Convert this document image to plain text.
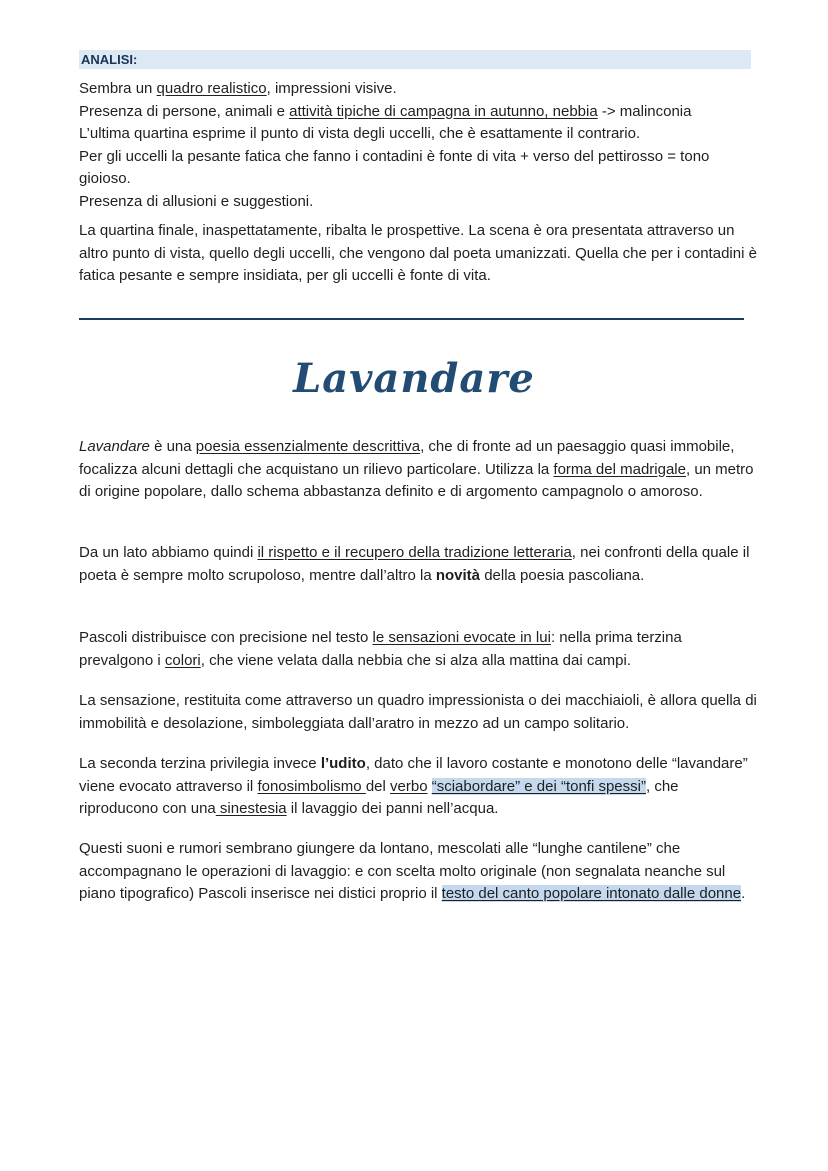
ANALISI:

Sembra un quadro realistico, impressioni visive.

Presenza di persone, animali e attività tipiche di campagna in autunno, nebbia -> malinconia

L’ultima quartina esprime il punto di vista degli uccelli, che è esattamente il contrario.

Per gli uccelli la pesante fatica che fanno i contadini è fonte di vita + verso del pettirosso = tono gioioso.

Presenza di allusioni e suggestioni.

La quartina finale, inaspettatamente, ribalta le prospettive. La scena è ora presentata attraverso un altro punto di vista, quello degli uccelli, che vengono dal poeta umanizzati. Quella che per i contadini è fatica pesante e sempre insidiata, per gli uccelli è fonte di vita.

Lavandare

Lavandare è una poesia essenzialmente descrittiva, che di fronte ad un paesaggio quasi immobile, focalizza alcuni dettagli che acquistano un rilievo particolare. Utilizza la forma del madrigale, un metro di origine popolare, dallo schema abbastanza definito e di argomento campagnolo o amoroso.

Da un lato abbiamo quindi il rispetto e il recupero della tradizione letteraria, nei confronti della quale il poeta è sempre molto scrupoloso, mentre dall’altro la novità della poesia pascoliana.

Pascoli distribuisce con precisione nel testo le sensazioni evocate in lui: nella prima terzina prevalgono i colori, che viene velata dalla nebbia che si alza alla mattina dai campi.

La sensazione, restituita come attraverso un quadro impressionista o dei macchiaioli, è allora quella di immobilità e desolazione, simboleggiata dall’aratro in mezzo ad un campo solitario.

La seconda terzina privilegia invece l’udito, dato che il lavoro costante e monotono delle “lavandare” viene evocato attraverso il fonosimbolismo del verbo “sciabordare” e dei “tonfi spessi”, che riproducono con una sinestesia il lavaggio dei panni nell’acqua.

Questi suoni e rumori sembrano giungere da lontano, mescolati alle “lunghe cantilene” che accompagnano le operazioni di lavaggio: e con scelta molto originale (non segnalata neanche sul piano tipografico) Pascoli inserisce nei distici proprio il testo del canto popolare intonato dalle donne.
